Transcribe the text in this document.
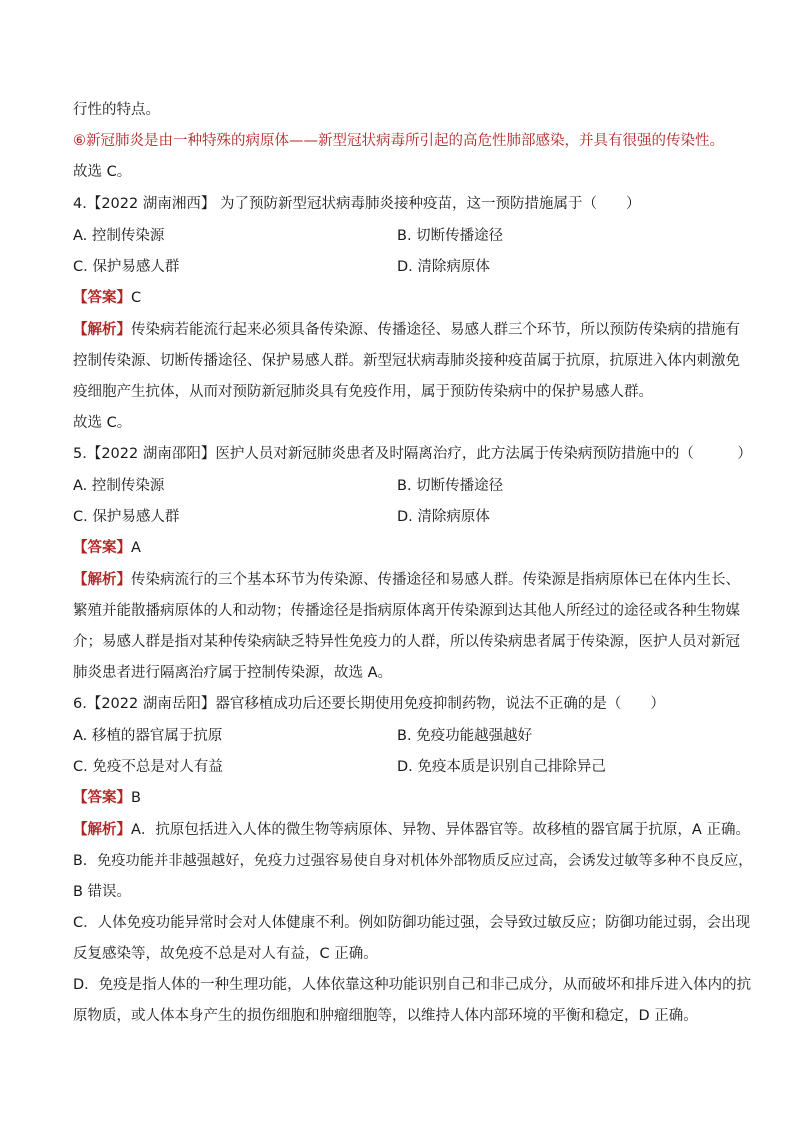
行性的特点。
⑥新冠肺炎是由一种特殊的病原体——新型冠状病毒所引起的高危性肺部感染，并具有很强的传染性。
故选 C。
4.【2022 湖南湘西】 为了预防新型冠状病毒肺炎接种疫苗，这一预防措施属于（　　）
A. 控制传染源	B. 切断传播途径
C. 保护易感人群	D. 清除病原体
【答案】C
【解析】传染病若能流行起来必须具备传染源、传播途径、易感人群三个环节，所以预防传染病的措施有
控制传染源、切断传播途径、保护易感人群。新型冠状病毒肺炎接种疫苗属于抗原，抗原进入体内刺激免
疫细胞产生抗体，从而对预防新冠肺炎具有免疫作用，属于预防传染病中的保护易感人群。
故选 C。
5.【2022 湖南邵阳】医护人员对新冠肺炎患者及时隔离治疗，此方法属于传染病预防措施中的（　　　）
A. 控制传染源	B. 切断传播途径
C. 保护易感人群	D. 清除病原体
【答案】A
【解析】传染病流行的三个基本环节为传染源、传播途径和易感人群。传染源是指病原体已在体内生长、
繁殖并能散播病原体的人和动物；传播途径是指病原体离开传染源到达其他人所经过的途径或各种生物媒
介；易感人群是指对某种传染病缺乏特异性免疫力的人群，所以传染病患者属于传染源，医护人员对新冠
肺炎患者进行隔离治疗属于控制传染源，故选 A。
6.【2022 湖南岳阳】器官移植成功后还要长期使用免疫抑制药物，说法不正确的是（　　）
A. 移植的器官属于抗原	B. 免疫功能越强越好
C. 免疫不总是对人有益	D. 免疫本质是识别自己排除异己
【答案】B
【解析】A．抗原包括进入人体的微生物等病原体、异物、异体器官等。故移植的器官属于抗原，A 正确。
B．免疫功能并非越强越好，免疫力过强容易使自身对机体外部物质反应过高，会诱发过敏等多种不良反应，
B 错误。
C．人体免疫功能异常时会对人体健康不利。例如防御功能过强，会导致过敏反应；防御功能过弱，会出现
反复感染等，故免疫不总是对人有益，C 正确。
D．免疫是指人体的一种生理功能，人体依靠这种功能识别自己和非己成分，从而破坏和排斥进入体内的抗
原物质，或人体本身产生的损伤细胞和肿瘤细胞等，以维持人体内部环境的平衡和稳定，D 正确。
